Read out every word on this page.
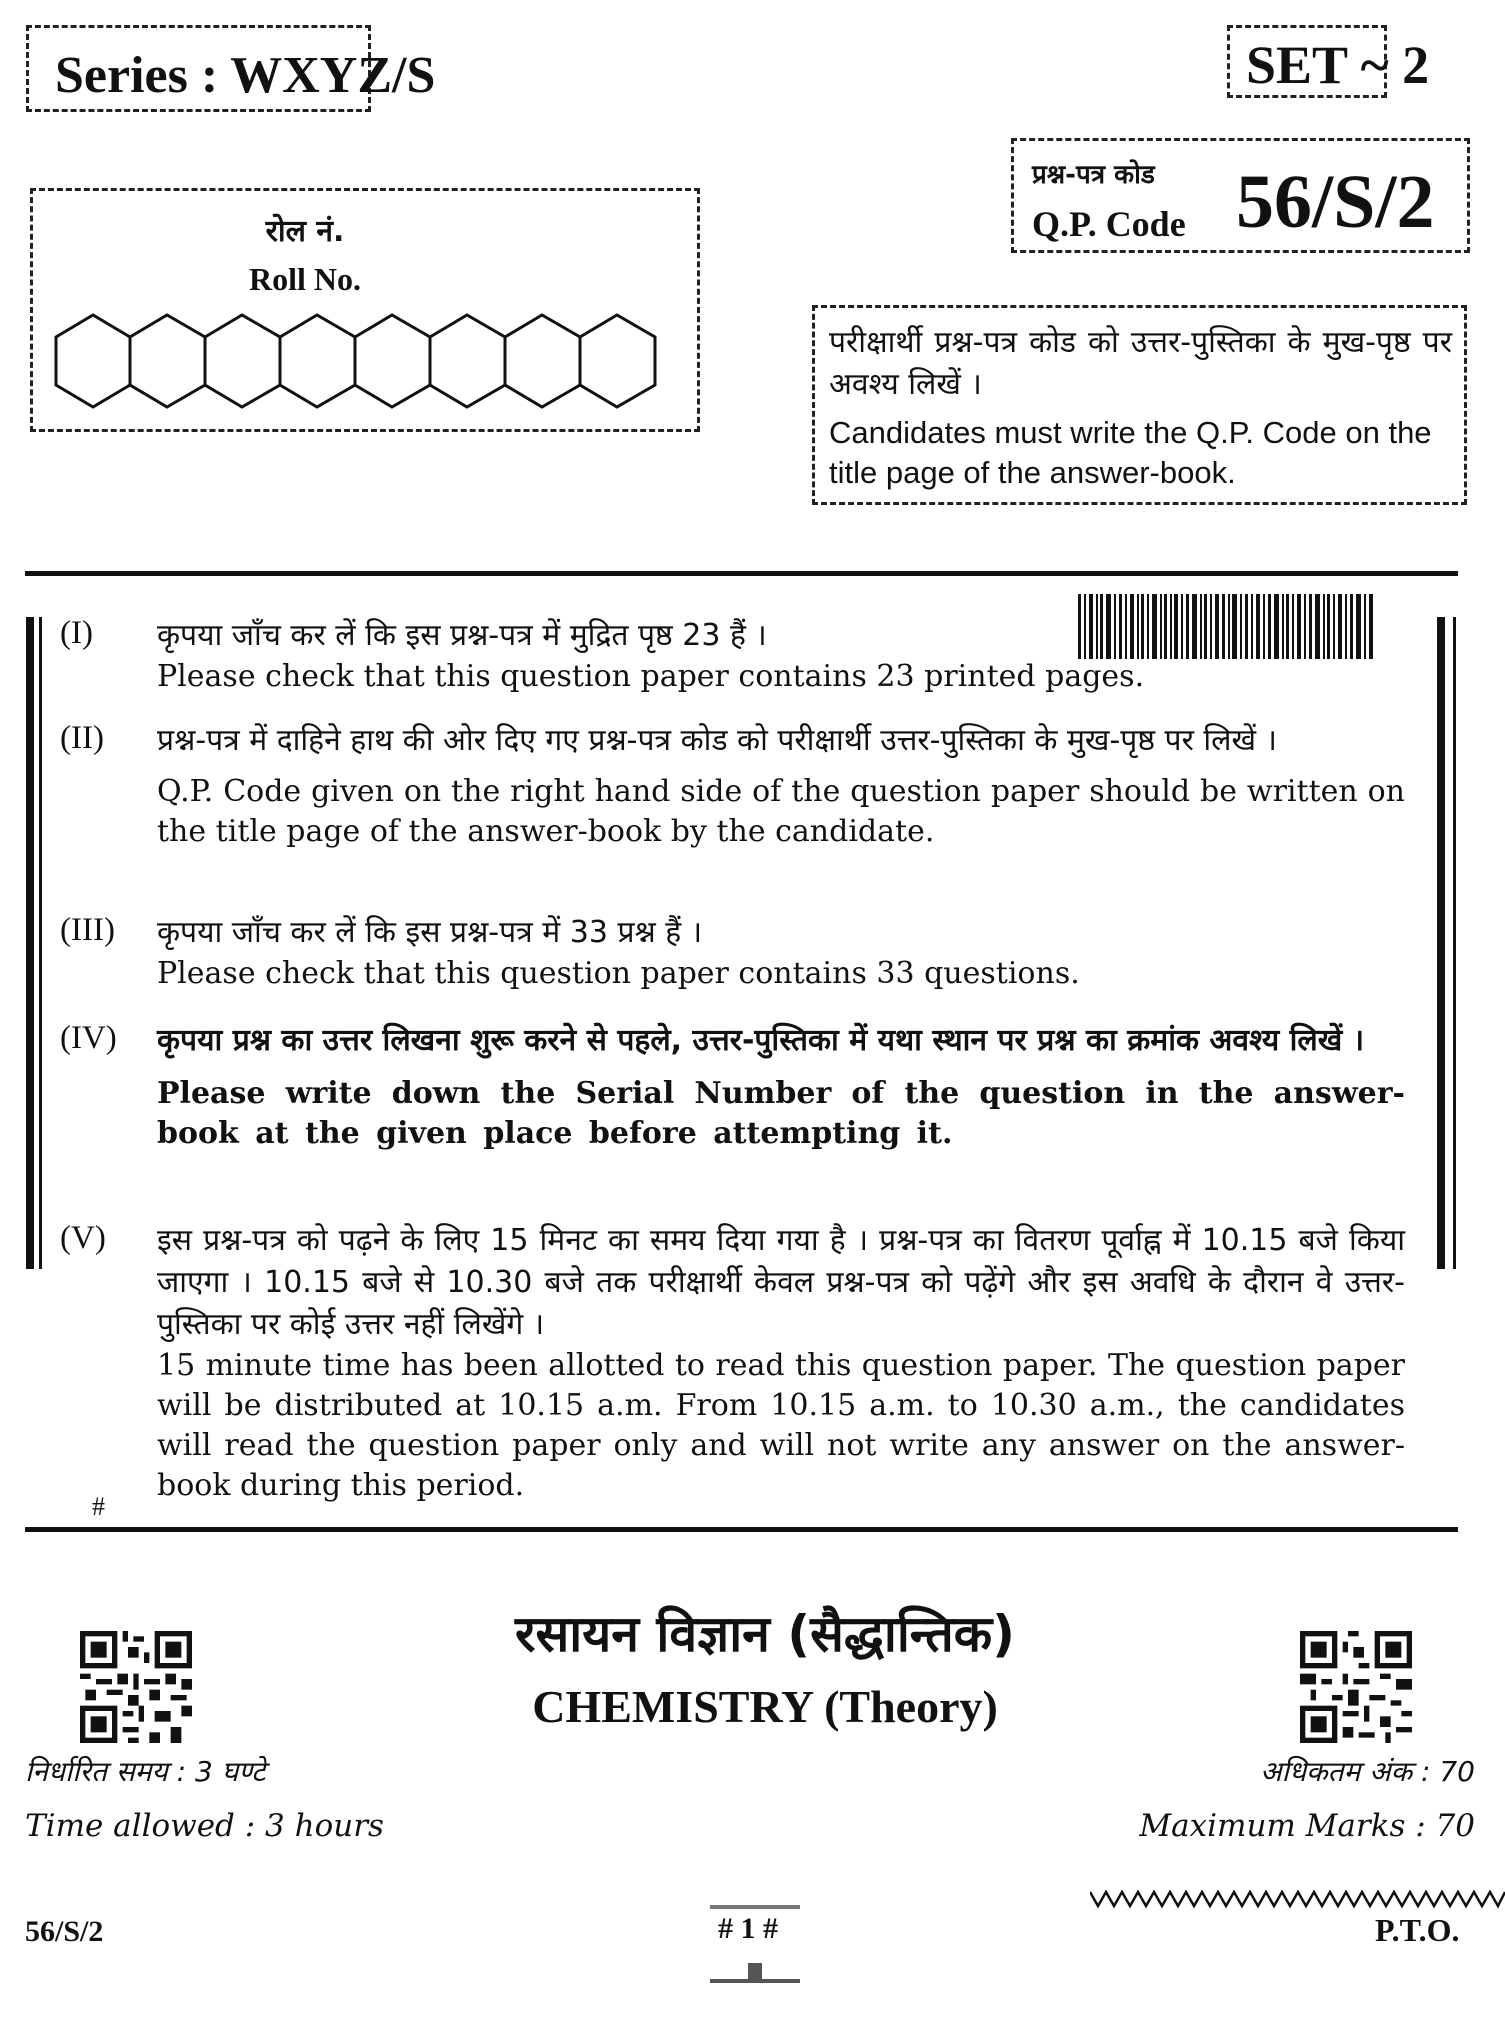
Series : WXYZ/S	SET ~ 2
प्रश्न-पत्र कोड
Q.P. Code 56/S/2
परीक्षार्थी प्रश्न-पत्र कोड को उत्तर-पुस्तिका के मुख-पृष्ठ पर अवश्य लिखें ।
Candidates must write the Q.P. Code on the title page of the answer-book.
रोल नं.
Roll No.
(I) कृपया जाँच कर लें कि इस प्रश्न-पत्र में मुद्रित पृष्ठ 23 हैं ।
Please check that this question paper contains 23 printed pages.
(II) प्रश्न-पत्र में दाहिने हाथ की ओर दिए गए प्रश्न-पत्र कोड को परीक्षार्थी उत्तर-पुस्तिका के मुख-पृष्ठ पर लिखें ।
Q.P. Code given on the right hand side of the question paper should be written on the title page of the answer-book by the candidate.
(III) कृपया जाँच कर लें कि इस प्रश्न-पत्र में 33 प्रश्न हैं ।
Please check that this question paper contains 33 questions.
(IV) कृपया प्रश्न का उत्तर लिखना शुरू करने से पहले, उत्तर-पुस्तिका में यथा स्थान पर प्रश्न का क्रमांक अवश्य लिखें ।
Please write down the Serial Number of the question in the answer-book at the given place before attempting it.
(V) इस प्रश्न-पत्र को पढ़ने के लिए 15 मिनट का समय दिया गया है । प्रश्न-पत्र का वितरण पूर्वाह्न में 10.15 बजे किया जाएगा । 10.15 बजे से 10.30 बजे तक परीक्षार्थी केवल प्रश्न-पत्र को पढ़ेंगे और इस अवधि के दौरान वे उत्तर-पुस्तिका पर कोई उत्तर नहीं लिखेंगे ।
15 minute time has been allotted to read this question paper. The question paper will be distributed at 10.15 a.m. From 10.15 a.m. to 10.30 a.m., the candidates will read the question paper only and will not write any answer on the answer-book during this period.
#
रसायन विज्ञान (सैद्धान्तिक)
CHEMISTRY (Theory)
निर्धारित समय : 3 घण्टे
Time allowed : 3 hours
अधिकतम अंक : 70
Maximum Marks : 70
56/S/2	# 1 #	P.T.O.
